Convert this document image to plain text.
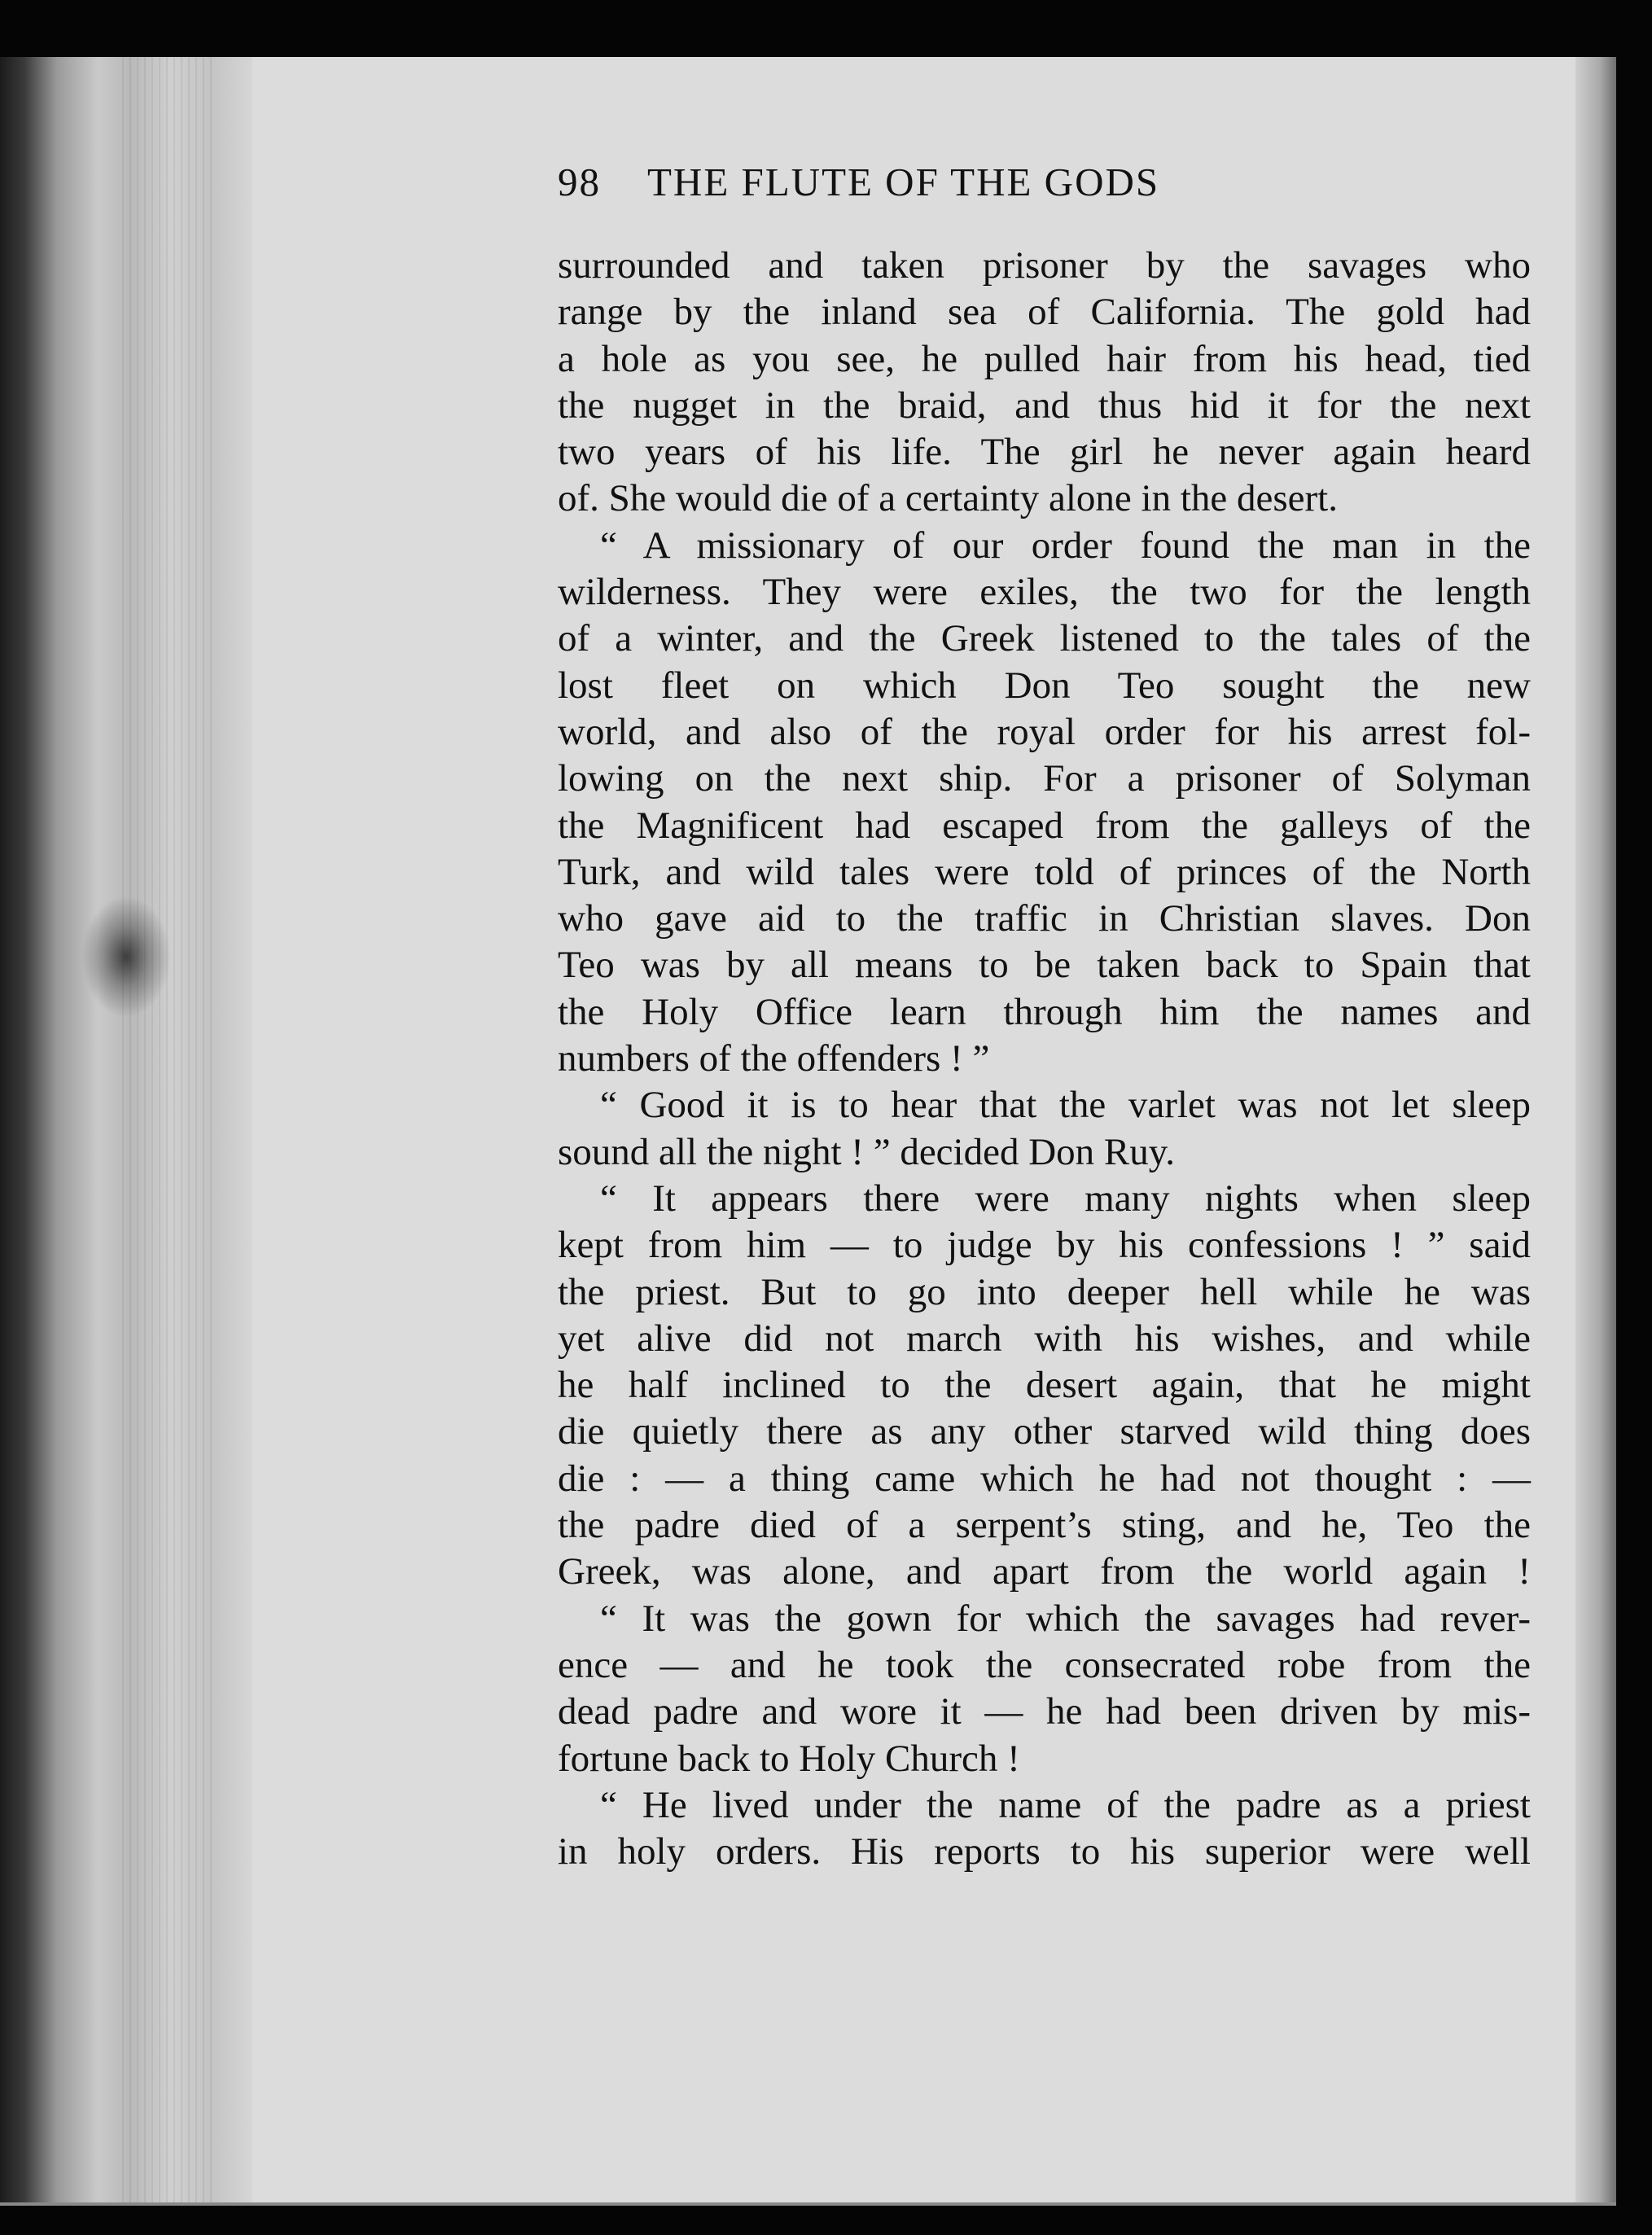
98	THE FLUTE OF THE GODS
surrounded and taken prisoner by the savages who
range by the inland sea of California. The gold had
a hole as you see, he pulled hair from his head, tied
the nugget in the braid, and thus hid it for the next
two years of his life. The girl he never again heard
of. She would die of a certainty alone in the desert.
“ A missionary of our order found the man in the
wilderness. They were exiles, the two for the length
of a winter, and the Greek listened to the tales of the
lost fleet on which Don Teo sought the new
world, and also of the royal order for his arrest fol-
lowing on the next ship. For a prisoner of Solyman
the Magnificent had escaped from the galleys of the
Turk, and wild tales were told of princes of the North
who gave aid to the traffic in Christian slaves. Don
Teo was by all means to be taken back to Spain that
the Holy Office learn through him the names and
numbers of the offenders ! ”
“ Good it is to hear that the varlet was not let sleep
sound all the night ! ” decided Don Ruy.
“ It appears there were many nights when sleep
kept from him — to judge by his confessions ! ” said
the priest. But to go into deeper hell while he was
yet alive did not march with his wishes, and while
he half inclined to the desert again, that he might
die quietly there as any other starved wild thing does
die : — a thing came which he had not thought : —
the padre died of a serpent’s sting, and he, Teo the
Greek, was alone, and apart from the world again !
“ It was the gown for which the savages had rever-
ence — and he took the consecrated robe from the
dead padre and wore it — he had been driven by mis-
fortune back to Holy Church !
“ He lived under the name of the padre as a priest
in holy orders. His reports to his superior were well
